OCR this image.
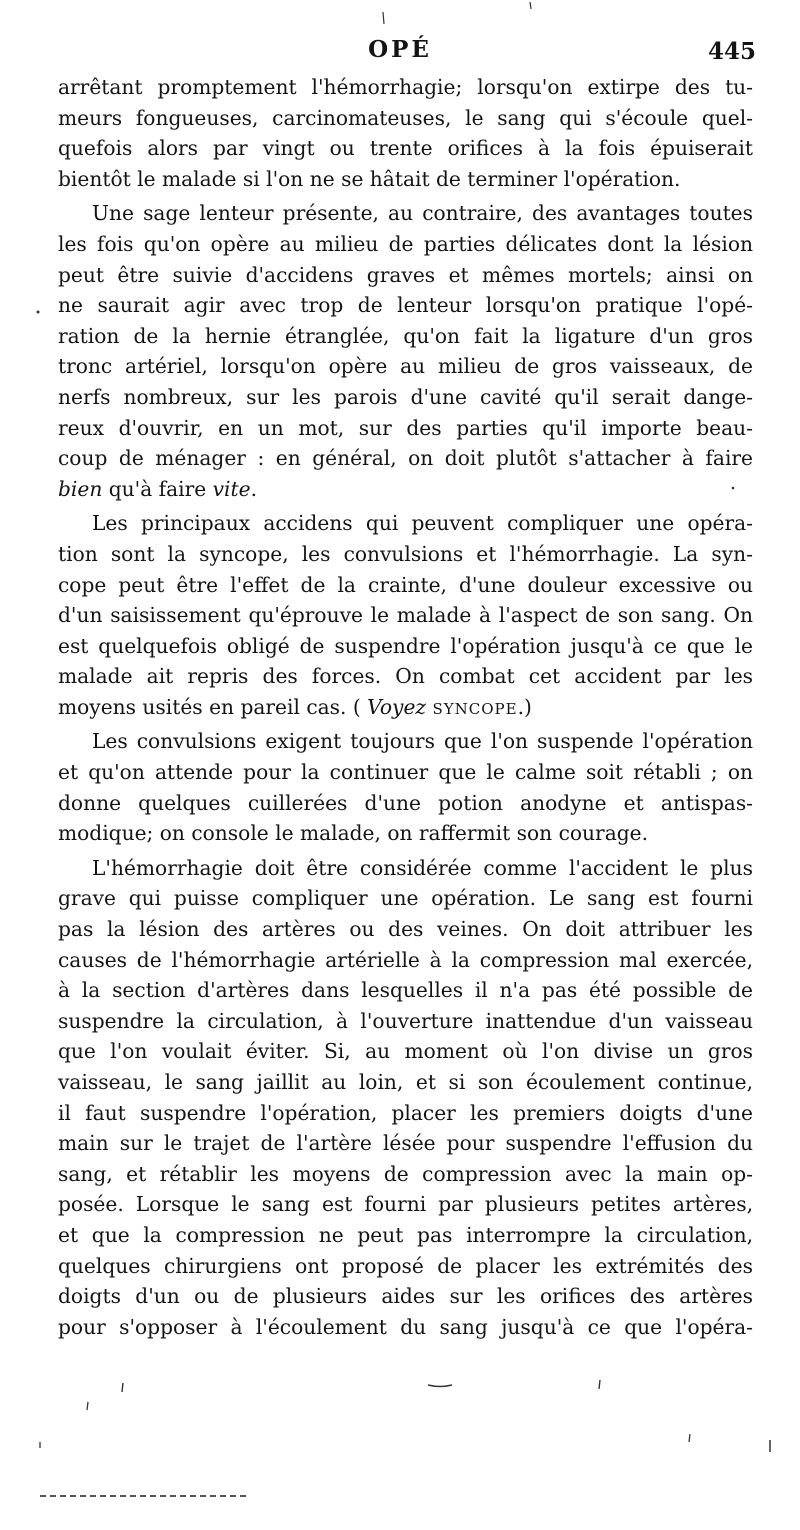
OPÉ	445
arrêtant promptement l'hémorrhagie; lorsqu'on extirpe des tu-
meurs fongueuses, carcinomateuses, le sang qui s'écoule quel-
quefois alors par vingt ou trente orifices à la fois épuiserait
bientôt le malade si l'on ne se hâtait de terminer l'opération.
Une sage lenteur présente, au contraire, des avantages toutes
les fois qu'on opère au milieu de parties délicates dont la lésion
peut être suivie d'accidens graves et mêmes mortels; ainsi on
ne saurait agir avec trop de lenteur lorsqu'on pratique l'opé-
ration de la hernie étranglée, qu'on fait la ligature d'un gros
tronc artériel, lorsqu'on opère au milieu de gros vaisseaux, de
nerfs nombreux, sur les parois d'une cavité qu'il serait dange-
reux d'ouvrir, en un mot, sur des parties qu'il importe beau-
coup de ménager : en général, on doit plutôt s'attacher à faire
bien qu'à faire vite.
Les principaux accidens qui peuvent compliquer une opéra-
tion sont la syncope, les convulsions et l'hémorrhagie. La syn-
cope peut être l'effet de la crainte, d'une douleur excessive ou
d'un saisissement qu'éprouve le malade à l'aspect de son sang. On
est quelquefois obligé de suspendre l'opération jusqu'à ce que le
malade ait repris des forces. On combat cet accident par les
moyens usités en pareil cas. ( Voyez SYNCOPE.)
Les convulsions exigent toujours que l'on suspende l'opération
et qu'on attende pour la continuer que le calme soit rétabli ; on
donne quelques cuillerées d'une potion anodyne et antispas-
modique; on console le malade, on raffermit son courage.
L'hémorrhagie doit être considérée comme l'accident le plus
grave qui puisse compliquer une opération. Le sang est fourni
pas la lésion des artères ou des veines. On doit attribuer les
causes de l'hémorrhagie artérielle à la compression mal exercée,
à la section d'artères dans lesquelles il n'a pas été possible de
suspendre la circulation, à l'ouverture inattendue d'un vaisseau
que l'on voulait éviter. Si, au moment où l'on divise un gros
vaisseau, le sang jaillit au loin, et si son écoulement continue,
il faut suspendre l'opération, placer les premiers doigts d'une
main sur le trajet de l'artère lésée pour suspendre l'effusion du
sang, et rétablir les moyens de compression avec la main op-
posée. Lorsque le sang est fourni par plusieurs petites artères,
et que la compression ne peut pas interrompre la circulation,
quelques chirurgiens ont proposé de placer les extrémités des
doigts d'un ou de plusieurs aides sur les orifices des artères
pour s'opposer à l'écoulement du sang jusqu'à ce que l'opéra-
